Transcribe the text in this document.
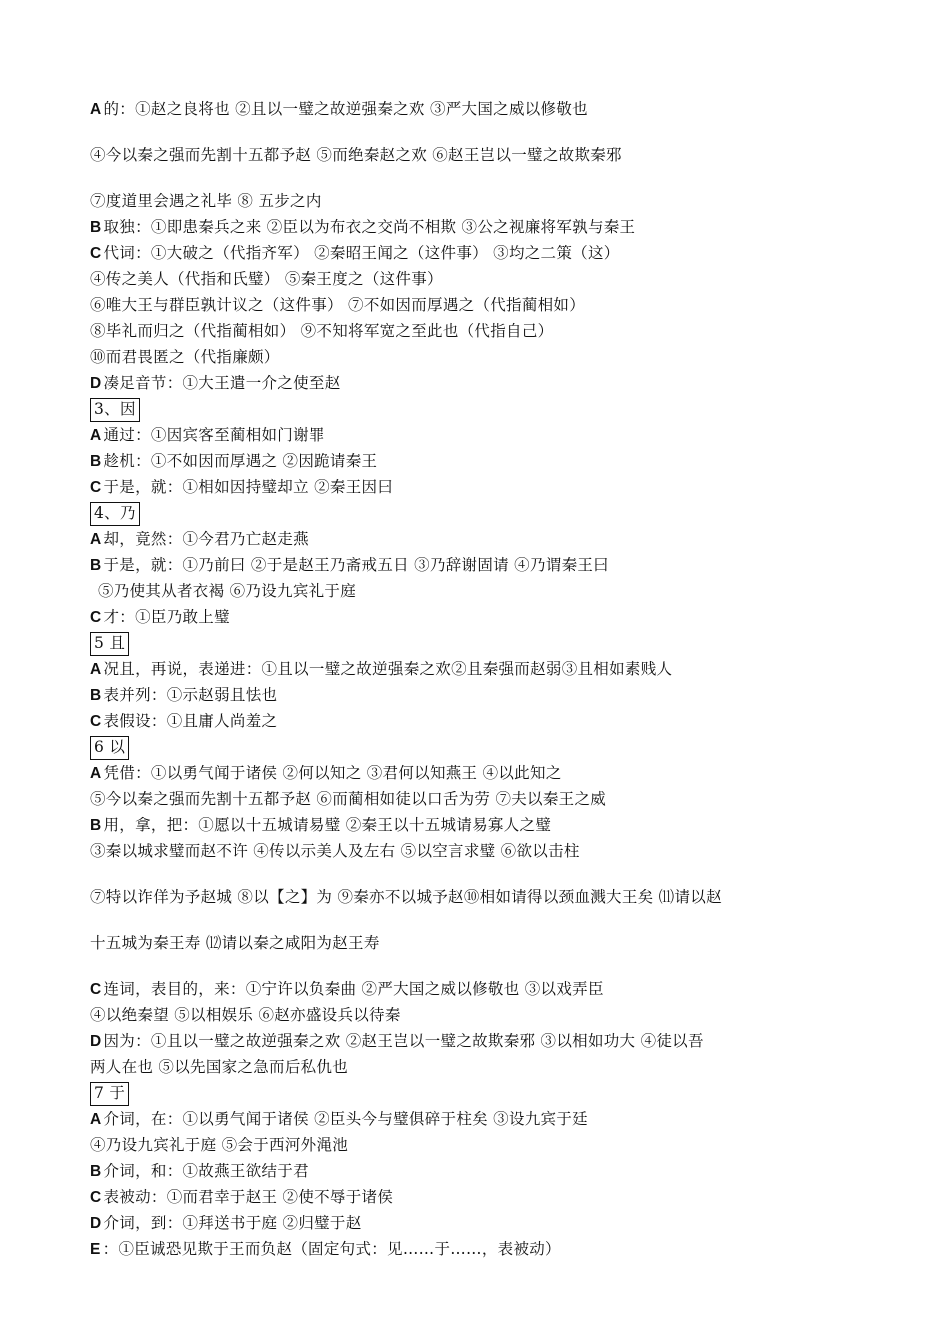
A 的：①赵之良将也 ②且以一璧之故逆强秦之欢 ③严大国之威以修敬也
④今以秦之强而先割十五都予赵 ⑤而绝秦赵之欢 ⑥赵王岂以一璧之故欺秦邪
⑦度道里会遇之礼毕 ⑧ 五步之内
B 取独：①即患秦兵之来 ②臣以为布衣之交尚不相欺 ③公之视廉将军孰与秦王
C 代词：①大破之（代指齐军） ②秦昭王闻之（这件事） ③均之二策（这）
④传之美人（代指和氏璧） ⑤秦王度之（这件事）
⑥唯大王与群臣孰计议之（这件事） ⑦不如因而厚遇之（代指蔺相如）
⑧毕礼而归之（代指蔺相如） ⑨不知将军宽之至此也（代指自己）
⑩而君畏匿之（代指廉颇）
D 凑足音节：①大王遣一介之使至赵
3、因
A 通过：①因宾客至蔺相如门谢罪
B 趁机：①不如因而厚遇之 ②因跪请秦王
C 于是，就：①相如因持璧却立 ②秦王因曰
4、乃
A 却，竟然：①今君乃亡赵走燕
B 于是，就：①乃前曰 ②于是赵王乃斋戒五日 ③乃辞谢固请 ④乃谓秦王曰
⑤乃使其从者衣褐 ⑥乃设九宾礼于庭
C 才：①臣乃敢上璧
5 且
A 况且，再说，表递进：①且以一璧之故逆强秦之欢②且秦强而赵弱③且相如素贱人
B 表并列：①示赵弱且怯也
C 表假设：①且庸人尚羞之
6 以
A 凭借：①以勇气闻于诸侯 ②何以知之 ③君何以知燕王 ④以此知之
⑤今以秦之强而先割十五都予赵 ⑥而蔺相如徒以口舌为劳 ⑦夫以秦王之威
B 用，拿，把：①愿以十五城请易璧 ②秦王以十五城请易寡人之璧
③秦以城求璧而赵不许 ④传以示美人及左右 ⑤以空言求璧 ⑥欲以击柱
⑦特以诈佯为予赵城 ⑧以【之】为 ⑨秦亦不以城予赵⑩相如请得以颈血溅大王矣 ⑾请以赵
十五城为秦王寿 ⑿请以秦之咸阳为赵王寿
C 连词，表目的，来：①宁许以负秦曲 ②严大国之威以修敬也 ③以戏弄臣
④以绝秦望 ⑤以相娱乐 ⑥赵亦盛设兵以待秦
D 因为：①且以一璧之故逆强秦之欢 ②赵王岂以一璧之故欺秦邪 ③以相如功大 ④徒以吾
两人在也 ⑤以先国家之急而后私仇也
7 于
A 介词，在：①以勇气闻于诸侯 ②臣头今与璧俱碎于柱矣 ③设九宾于廷
④乃设九宾礼于庭 ⑤会于西河外渑池
B 介词，和：①故燕王欲结于君
C 表被动：①而君幸于赵王 ②使不辱于诸侯
D 介词，到：①拜送书于庭 ②归璧于赵
E ：①臣诚恐见欺于王而负赵（固定句式：见……于……，表被动）
